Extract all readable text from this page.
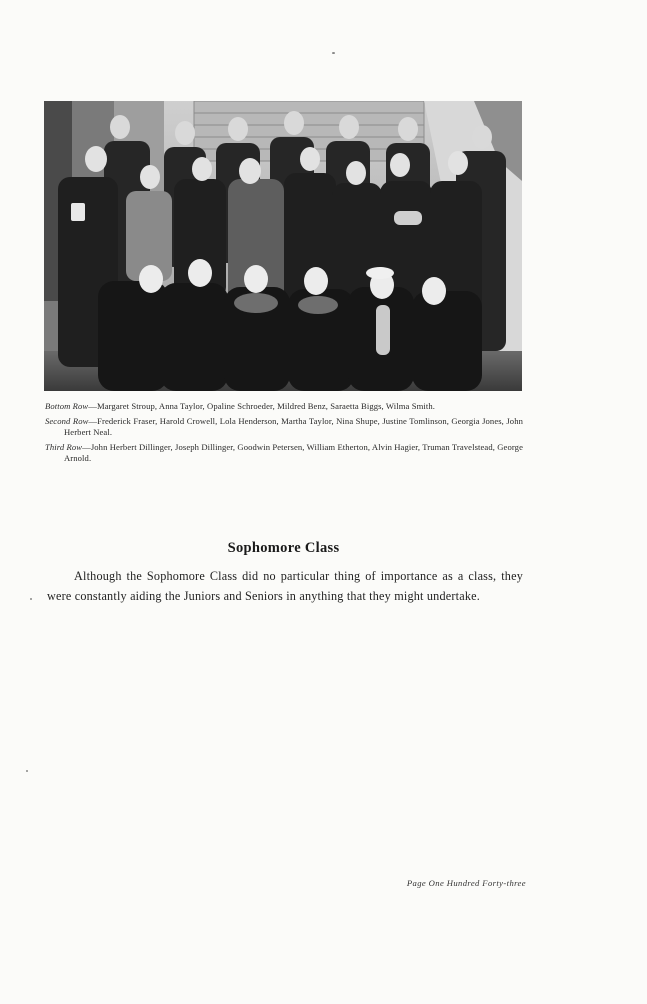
Bottom Row—Margaret Stroup, Anna Taylor, Opaline Schroeder, Mildred Benz, Saraetta Biggs, Wilma Smith.

Second Row—Frederick Fraser, Harold Crowell, Lola Henderson, Martha Taylor, Nina Shupe, Justine Tomlinson, Georgia Jones, John Herbert Neal.

Third Row—John Herbert Dillinger, Joseph Dillinger, Goodwin Petersen, William Etherton, Alvin Hagier, Truman Travelstead, George Arnold.

Sophomore Class

Although the Sophomore Class did no particular thing of importance as a class, they were constantly aiding the Juniors and Seniors in anything that they might undertake.

Page One Hundred Forty-three
